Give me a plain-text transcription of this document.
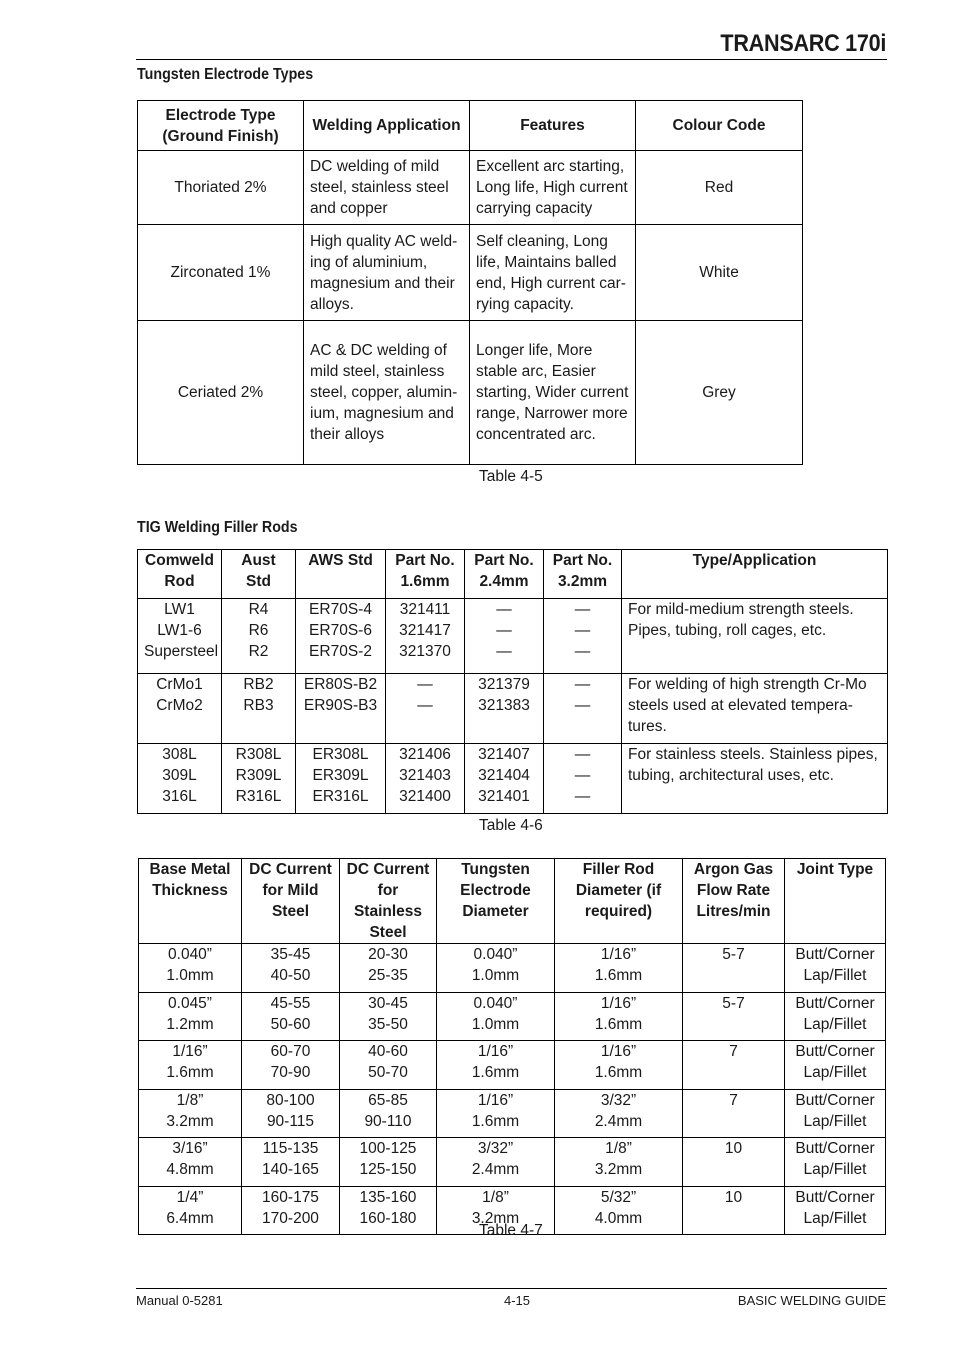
TRANSARC 170i
Tungsten Electrode Types
Electrode Type
(Ground Finish)	Welding Application	Features	Colour Code
Thoriated 2%	DC welding of mild
steel, stainless steel
and copper	Excellent arc starting,
Long life, High current
carrying capacity	Red
Zirconated 1%	High quality AC weld-
ing of aluminium,
magnesium and their
alloys.	Self cleaning, Long
life, Maintains balled
end, High current car-
rying capacity.	White
Ceriated 2%	AC & DC welding of
mild steel, stainless
steel, copper, alumin-
ium, magnesium and
their alloys	Longer life, More
stable arc, Easier
starting, Wider current
range, Narrower more
concentrated arc.	Grey
Table 4-5
TIG Welding Filler Rods
Comweld
Rod	Aust Std	AWS Std	Part No.
1.6mm	Part No.
2.4mm	Part No.
3.2mm	Type/Application
LW1
LW1-6
Supersteel	R4
R6
R2	ER70S-4
ER70S-6
ER70S-2	321411
321417
321370	—
—
—	—
—
—	For mild-medium strength steels.
Pipes, tubing, roll cages, etc.
CrMo1
CrMo2	RB2
RB3	ER80S-B2
ER90S-B3	—
—	321379
321383	—
—	For welding of high strength Cr-Mo
steels used at elevated tempera-
tures.
308L
309L
316L	R308L
R309L
R316L	ER308L
ER309L
ER316L	321406
321403
321400	321407
321404
321401	—
—
—	For stainless steels. Stainless pipes,
tubing, architectural uses, etc.
Table 4-6
Base Metal
Thickness	DC Current
for Mild
Steel	DC Current
for Stainless
Steel	Tungsten
Electrode
Diameter	Filler Rod
Diameter (if
required)	Argon Gas
Flow Rate
Litres/min	Joint Type
0.040”
1.0mm	35-45
40-50	20-30
25-35	0.040”
1.0mm	1/16”
1.6mm	5-7	Butt/Corner
Lap/Fillet
0.045”
1.2mm	45-55
50-60	30-45
35-50	0.040”
1.0mm	1/16”
1.6mm	5-7	Butt/Corner
Lap/Fillet
1/16”
1.6mm	60-70
70-90	40-60
50-70	1/16”
1.6mm	1/16”
1.6mm	7	Butt/Corner
Lap/Fillet
1/8”
3.2mm	80-100
90-115	65-85
90-110	1/16”
1.6mm	3/32”
2.4mm	7	Butt/Corner
Lap/Fillet
3/16”
4.8mm	115-135
140-165	100-125
125-150	3/32”
2.4mm	1/8”
3.2mm	10	Butt/Corner
Lap/Fillet
1/4”
6.4mm	160-175
170-200	135-160
160-180	1/8”
3.2mm	5/32”
4.0mm	10	Butt/Corner
Lap/Fillet
Table 4-7
Manual 0-5281	4-15	BASIC WELDING GUIDE
